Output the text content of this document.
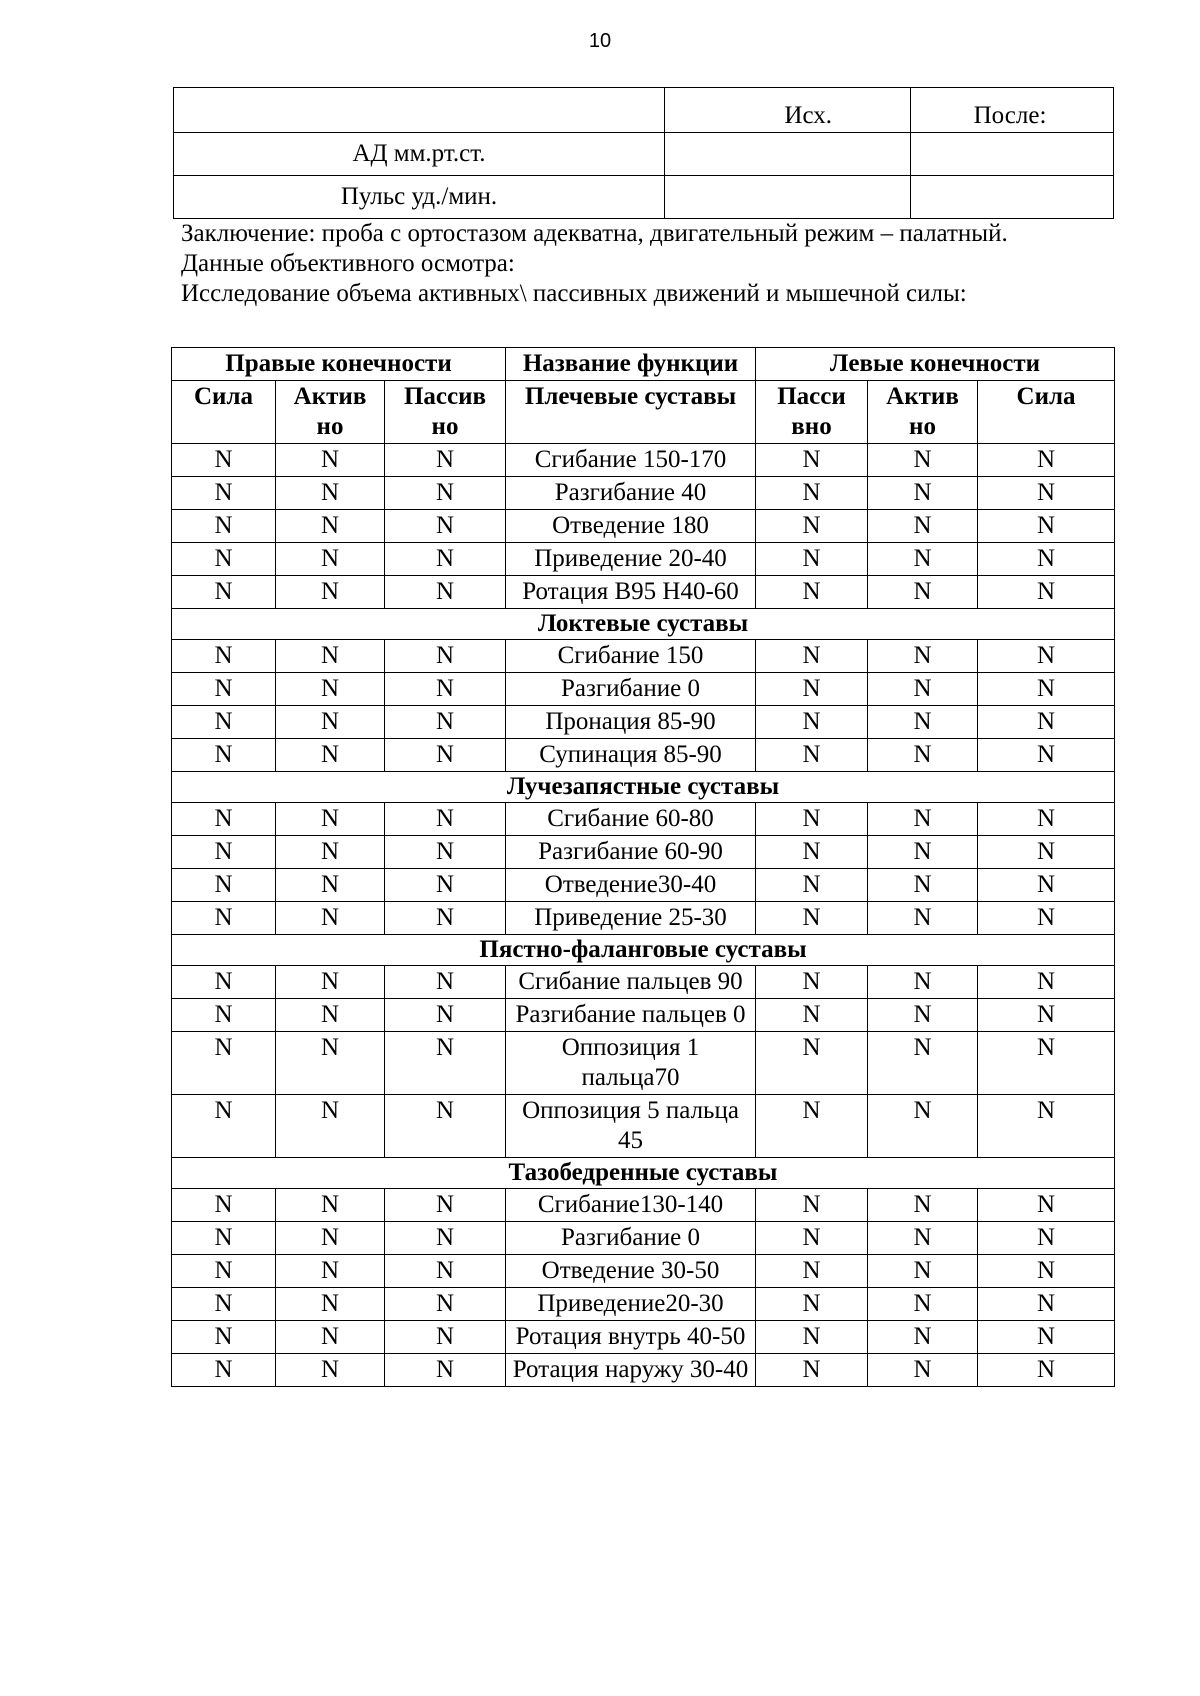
10
	Исх.	После:
АД мм.рт.ст.		
Пульс уд./мин.		

Заключение: проба с ортостазом адекватна, двигательный режим – палатный.

Данные объективного осмотра:

Исследование объема активных\ пассивных движений и мышечной силы:

Правые конечности			Название функции	Левые конечности		
Сила	Актив но	Пассив но	Плечевые суставы	Пасси вно	Актив но	Сила
N	N	N	Сгибание 150-170	N	N	N
N	N	N	Разгибание 40	N	N	N
N	N	N	Отведение 180	N	N	N
N	N	N	Приведение 20-40	N	N	N
N	N	N	Ротация В95 Н40-60	N	N	N
Локтевые суставы						
N	N	N	Сгибание 150	N	N	N
N	N	N	Разгибание 0	N	N	N
N	N	N	Пронация 85-90	N	N	N
N	N	N	Супинация 85-90	N	N	N
Лучезапястные суставы						
N	N	N	Сгибание 60-80	N	N	N
N	N	N	Разгибание 60-90	N	N	N
N	N	N	Отведение30-40	N	N	N
N	N	N	Приведение 25-30	N	N	N
Пястно-фаланговые суставы						
N	N	N	Сгибание пальцев 90	N	N	N
N	N	N	Разгибание пальцев 0	N	N	N
N	N	N	Оппозиция 1 пальца70	N	N	N
N	N	N	Оппозиция 5 пальца 45	N	N	N
Тазобедренные суставы						
N	N	N	Сгибание130-140	N	N	N
N	N	N	Разгибание 0	N	N	N
N	N	N	Отведение 30-50	N	N	N
N	N	N	Приведение20-30	N	N	N
N	N	N	Ротация внутрь 40-50	N	N	N
N	N	N	Ротация наружу 30-40	N	N	N
